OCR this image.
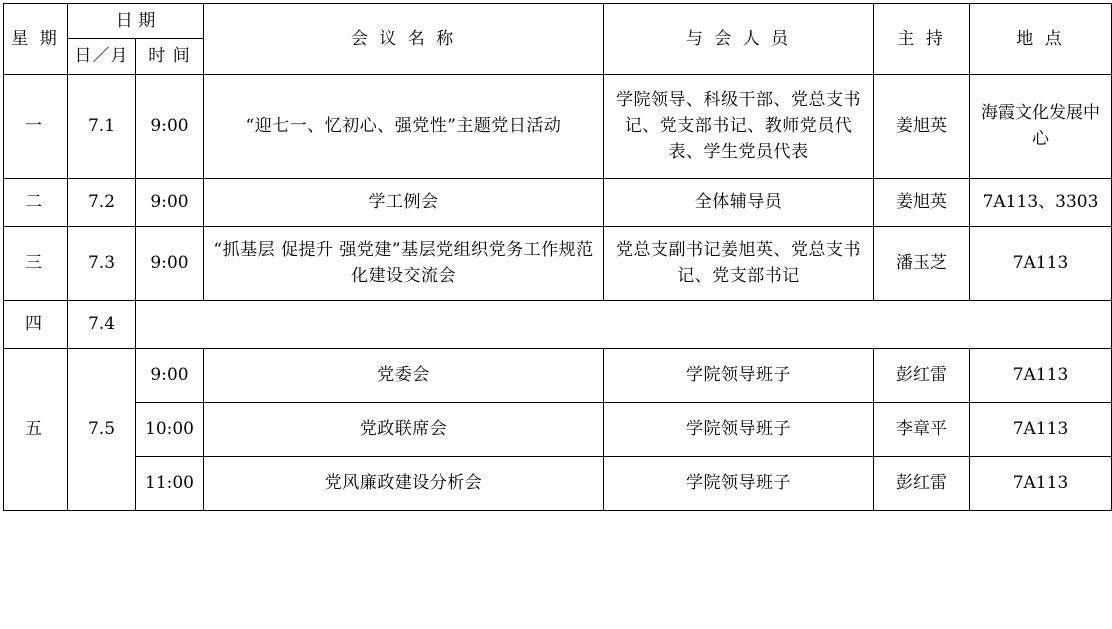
星 期	日 期		会 议 名 称	与 会 人 员	主 持	地 点
	日／月	时 间				
一	7.1	9:00	“迎七一、忆初心、强党性”主题党日活动	学院领导、科级干部、党总支书记、党支部书记、教师党员代表、学生党员代表	姜旭英	海霞文化发展中心
二	7.2	9:00	学工例会	全体辅导员	姜旭英	7A113、3303
三	7.3	9:00	“抓基层 促提升 强党建”基层党组织党务工作规范化建设交流会	党总支副书记姜旭英、党总支书记、党支部书记	潘玉芝	7A113
四	7.4					
五	7.5	9:00	党委会	学院领导班子	彭红雷	7A113
		10:00	党政联席会	学院领导班子	李章平	7A113
		11:00	党风廉政建设分析会	学院领导班子	彭红雷	7A113
